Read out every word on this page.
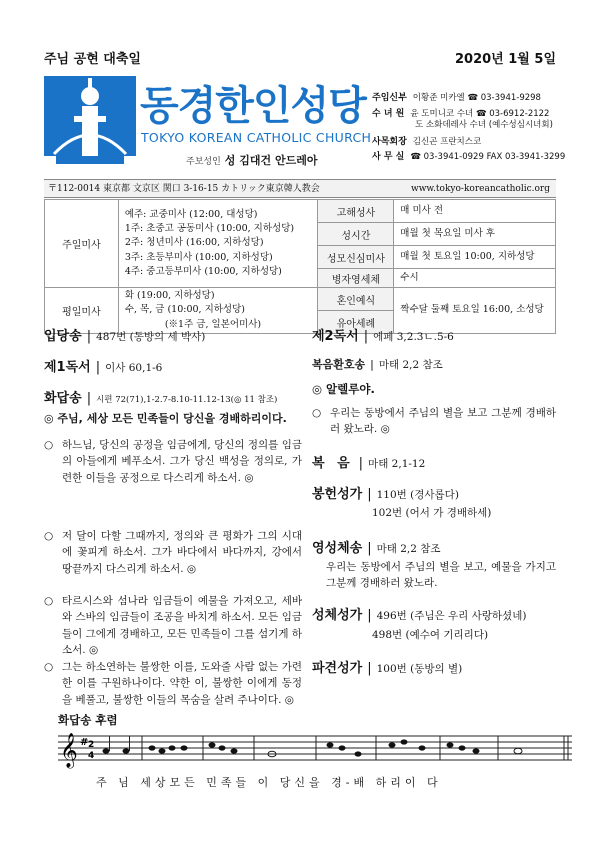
주님 공현 대축일	2020년 1월 5일
동경한인성당
TOKYO KOREAN CATHOLIC CHURCH
주보성인 성 김대건 안드레아
주임신부 이황준 미카엘 ☎ 03-3941-9298
수 녀 원 윤 도미니코 수녀 ☎ 03-6912-2122
도 소화데레사 수녀 (예수성심시녀회)
사목회장 김신곤 프란치스코
사 무 실 ☎ 03-3941-0929 FAX 03-3941-3299
〒112-0014 東京都 文京区 関口 3-16-15 カトリック東京韓人教会	www.tokyo-koreancatholic.org
주일미사	예주: 교중미사 (12:00, 대성당)
1주: 초중고 공동미사 (10:00, 지하성당)
2주: 청년미사 (16:00, 지하성당)
3주: 초등부미사 (10:00, 지하성당)
4주: 중고등부미사 (10:00, 지하성당)	고해성사	매 미사 전
		성시간	매월 첫 목요일 미사 후
		성모신심미사	매월 첫 토요일 10:00, 지하성당
		병자영세체	수시
평일미사	화 (19:00, 지하성당)
수, 목, 금 (10:00, 지하성당)
(※1주 금, 일본어미사)	혼인예식	짝수달 둘째 토요일 16:00, 소성당
		유아세례	
입당송 | 487번 (동방의 세 박사)
제1독서 | 이사 60,1-6
화답송 | 시편 72(71),1-2.7-8.10-11.12-13(◎ 11 참조)
◎ 주님, 세상 모든 민족들이 당신을 경배하리이다.
○ 하느님, 당신의 공정을 임금에게, 당신의 정의를 임금의 아들에게 베푸소서. 그가 당신 백성을 정의로, 가련한 이들을 공정으로 다스리게 하소서. ◎
○ 저 달이 다할 그때까지, 정의와 큰 평화가 그의 시대에 꽃피게 하소서. 그가 바다에서 바다까지, 강에서 땅끝까지 다스리게 하소서. ◎
○ 타르시스와 섬나라 임금들이 예물을 가져오고, 세바와 스바의 임금들이 조공을 바치게 하소서. 모든 임금들이 그에게 경배하고, 모든 민족들이 그를 섬기게 하소서. ◎
○ 그는 하소연하는 불쌍한 이를, 도와줄 사람 없는 가련한 이를 구원하나이다. 약한 이, 불쌍한 이에게 동정을 베풀고, 불쌍한 이들의 목숨을 살려 주나이다. ◎
제2독서 | 에페 3,2.3ㄴ.5-6
복음환호송 | 마태 2,2 참조
◎ 알렐루야.
○ 우리는 동방에서 주님의 별을 보고 그분께 경배하러 왔노라. ◎
복 음 | 마태 2,1-12
봉헌성가 | 110번 (경사롭다)
102번 (어서 가 경배하세)
영성체송 | 마태 2,2 참조
우리는 동방에서 주님의 별을 보고, 예물을 가지고 그분께 경배하러 왔노라.
성체성가 | 496번 (주님은 우리 사랑하셨네)
498번 (예수여 기리리다)
파견성가 | 100번 (동방의 별)
화답송 후렴
𝄞 # 2
4
주 님 세상모든 민족들 이 당신을 경-배 하리이 다
